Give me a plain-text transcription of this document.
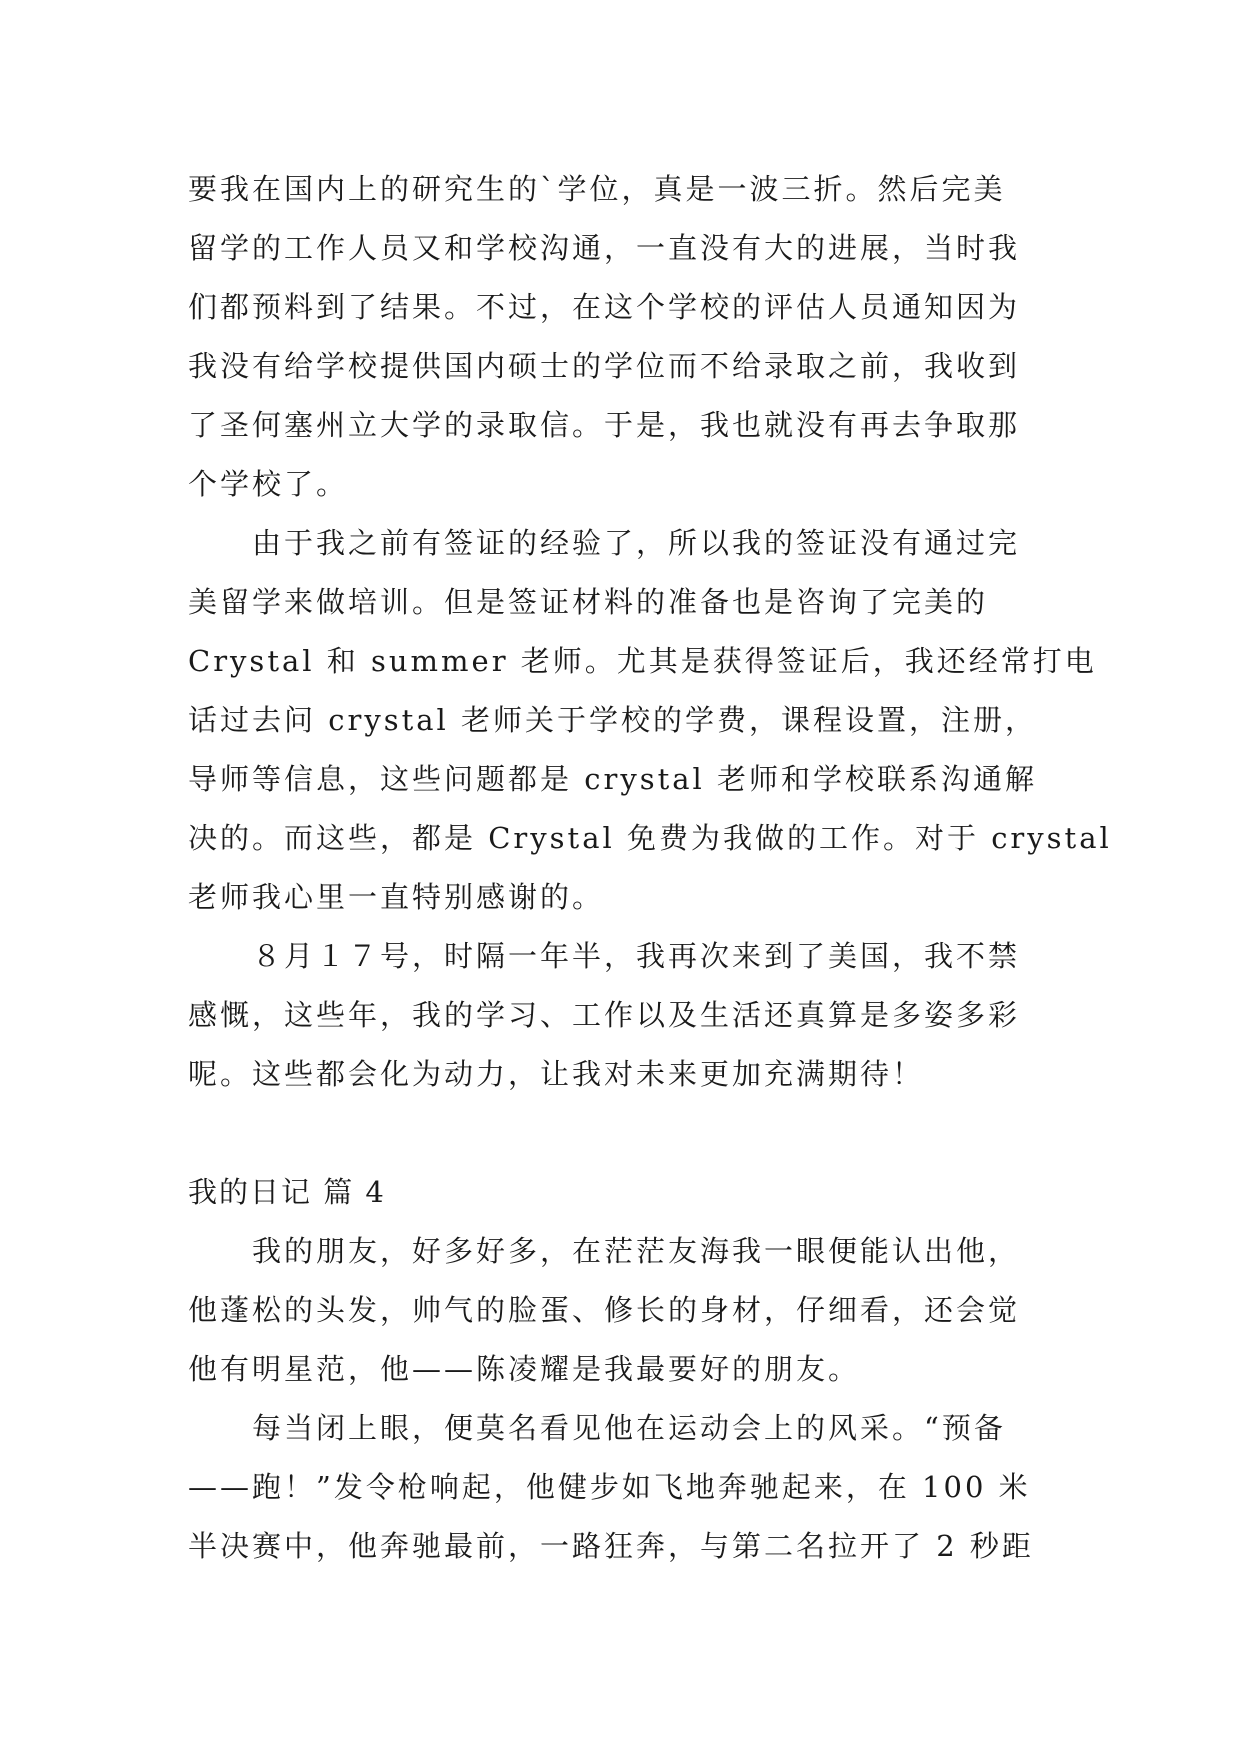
要我在国内上的研究生的`学位，真是一波三折。然后完美
留学的工作人员又和学校沟通，一直没有大的进展，当时我
们都预料到了结果。不过，在这个学校的评估人员通知因为
我没有给学校提供国内硕士的学位而不给录取之前，我收到
了圣何塞州立大学的录取信。于是，我也就没有再去争取那
个学校了。
　　由于我之前有签证的经验了，所以我的签证没有通过完
美留学来做培训。但是签证材料的准备也是咨询了完美的
Crystal 和 summer 老师。尤其是获得签证后，我还经常打电
话过去问 crystal 老师关于学校的学费，课程设置，注册，
导师等信息，这些问题都是 crystal 老师和学校联系沟通解
决的。而这些，都是 Crystal 免费为我做的工作。对于 crystal
老师我心里一直特别感谢的。
　　８月１７号，时隔一年半，我再次来到了美国，我不禁
感慨，这些年，我的学习、工作以及生活还真算是多姿多彩
呢。这些都会化为动力，让我对未来更加充满期待！
我的日记 篇 4
　　我的朋友，好多好多，在茫茫友海我一眼便能认出他，
他蓬松的头发，帅气的脸蛋、修长的身材，仔细看，还会觉
他有明星范，他——陈凌耀是我最要好的朋友。
　　每当闭上眼，便莫名看见他在运动会上的风采。“预备
——跑！”发令枪响起，他健步如飞地奔驰起来，在 100 米
半决赛中，他奔驰最前，一路狂奔，与第二名拉开了 2 秒距
